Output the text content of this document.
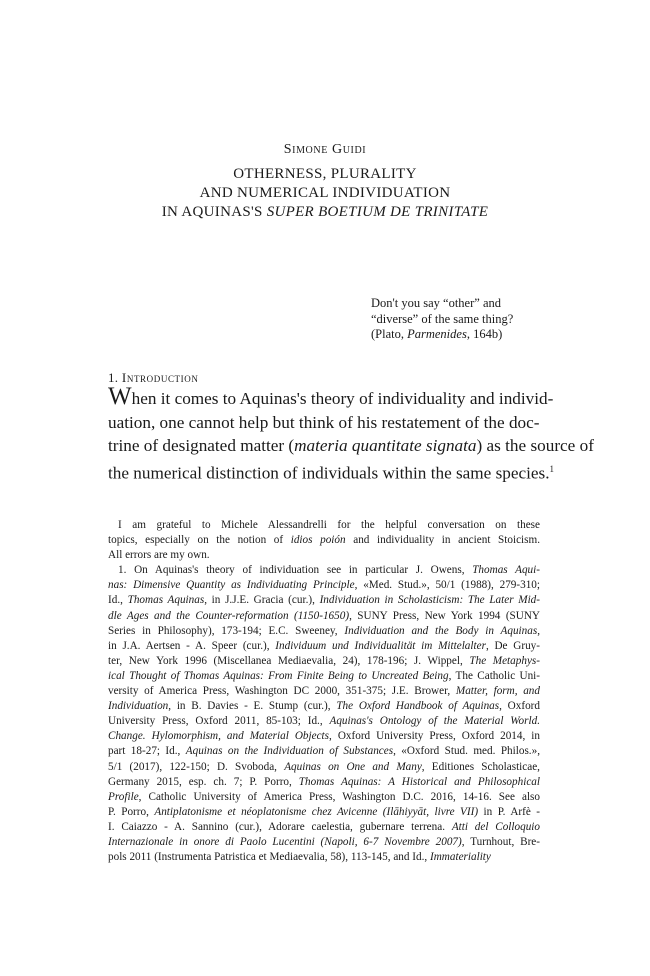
Simone Guidi
OTHERNESS, PLURALITY
AND NUMERICAL INDIVIDUATION
IN AQUINAS'S SUPER BOETIUM DE TRINITATE
Don't you say “other” and
“diverse” of the same thing?
(Plato, Parmenides, 164b)
1. Introduction
When it comes to Aquinas's theory of individuality and individ-
uation, one cannot help but think of his restatement of the doc-
trine of designated matter (materia quantitate signata) as the source of
the numerical distinction of individuals within the same species.$^1$

I am grateful to Michele Alessandrelli for the helpful conversation on these
topics, especially on the notion of idios poión and individuality in ancient Stoicism.
All errors are my own.

1. On Aquinas's theory of individuation see in particular J. Owens, Thomas Aqui-
nas: Dimensive Quantity as Individuating Principle, «Med. Stud.», 50/1 (1988), 279-310;
Id., Thomas Aquinas, in J.J.E. Gracia (cur.), Individuation in Scholasticism: The Later Mid-
dle Ages and the Counter-reformation (1150-1650), SUNY Press, New York 1994 (SUNY
Series in Philosophy), 173-194; E.C. Sweeney, Individuation and the Body in Aquinas,
in J.A. Aertsen - A. Speer (cur.), Individuum und Individualität im Mittelalter, De Gruy-
ter, New York 1996 (Miscellanea Mediaevalia, 24), 178-196; J. Wippel, The Metaphys-
ical Thought of Thomas Aquinas: From Finite Being to Uncreated Being, The Catholic Uni-
versity of America Press, Washington DC 2000, 351-375; J.E. Brower, Matter, form, and
Individuation, in B. Davies - E. Stump (cur.), The Oxford Handbook of Aquinas, Oxford
University Press, Oxford 2011, 85-103; Id., Aquinas's Ontology of the Material World.
Change. Hylomorphism, and Material Objects, Oxford University Press, Oxford 2014, in
part 18-27; Id., Aquinas on the Individuation of Substances, «Oxford Stud. med. Philos.»,
5/1 (2017), 122-150; D. Svoboda, Aquinas on One and Many, Editiones Scholasticae,
Germany 2015, esp. ch. 7; P. Porro, Thomas Aquinas: A Historical and Philosophical
Profile, Catholic University of America Press, Washington D.C. 2016, 14-16. See also
P. Porro, Antiplatonisme et néoplatonisme chez Avicenne (Ilāhiyyāt, livre VII) in P. Arfè -
I. Caiazzo - A. Sannino (cur.), Adorare caelestia, gubernare terrena. Atti del Colloquio
Internazionale in onore di Paolo Lucentini (Napoli, 6-7 Novembre 2007), Turnhout, Bre-
pols 2011 (Instrumenta Patristica et Mediaevalia, 58), 113-145, and Id., Immateriality
